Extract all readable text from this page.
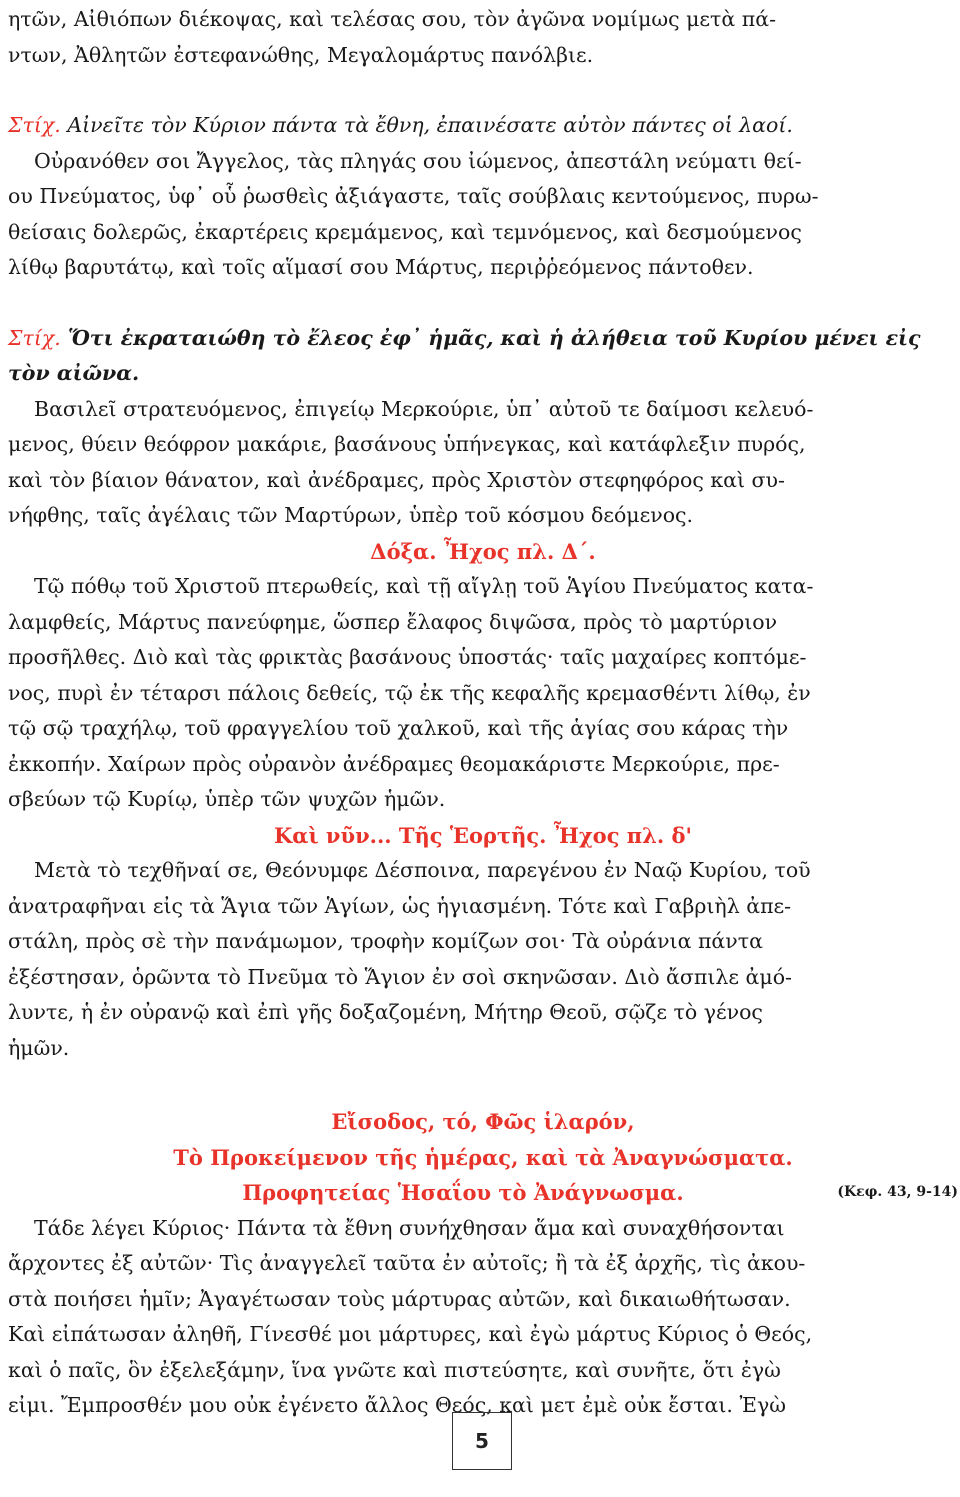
ητῶν, Αἰθιόπων διέκοψας, καὶ τελέσας σου, τὸν ἀγῶνα νομίμως μετὰ πά-
ντων, Ἀθλητῶν ἐστεφανώθης, Μεγαλομάρτυς πανόλβιε.

Στίχ. Αἰνεῖτε τὸν Κύριον πάντα τὰ ἔθνη, ἐπαινέσατε αὐτὸν πάντες οἱ λαοί.

Οὐρανόθεν σοι Ἄγγελος, τὰς πληγάς σου ἰώμενος, ἀπεστάλη νεύματι θεί-
ου Πνεύματος, ὑφ᾽ οὗ ῥωσθεὶς ἀξιάγαστε, ταῖς σούβλαις κεντούμενος, πυρω-
θείσαις δολερῶς, ἐκαρτέρεις κρεμάμενος, καὶ τεμνόμενος, καὶ δεσμούμενος
λίθῳ βαρυτάτῳ, καὶ τοῖς αἵμασί σου Μάρτυς, περιῤῥεόμενος πάντοθεν.

Στίχ. Ὅτι ἐκραταιώθη τὸ ἔλεος ἐφ᾽ ἡμᾶς, καὶ ἡ ἀλήθεια τοῦ Κυρίου μένει εἰς
τὸν αἰῶνα.

Βασιλεῖ στρατευόμενος, ἐπιγείῳ Μερκούριε, ὑπ᾽ αὐτοῦ τε δαίμοσι κελευό-
μενος, θύειν θεόφρον μακάριε, βασάνους ὑπήνεγκας, καὶ κατάφλεξιν πυρός,
καὶ τὸν βίαιον θάνατον, καὶ ἀνέδραμες, πρὸς Χριστὸν στεφηφόρος καὶ συ-
νήφθης, ταῖς ἀγέλαις τῶν Μαρτύρων, ὑπὲρ τοῦ κόσμου δεόμενος.

Δόξα. Ἦχος πλ. Δ΄.

Τῷ πόθῳ τοῦ Χριστοῦ πτερωθείς, καὶ τῇ αἴγλῃ τοῦ Ἁγίου Πνεύματος κατα-
λαμφθείς, Μάρτυς πανεύφημε, ὥσπερ ἔλαφος διψῶσα, πρὸς τὸ μαρτύριον
προσῆλθες. Διὸ καὶ τὰς φρικτὰς βασάνους ὑποστάς· ταῖς μαχαίρες κοπτόμε-
νος, πυρὶ ἐν τέταρσι πάλοις δεθείς, τῷ ἐκ τῆς κεφαλῆς κρεμασθέντι λίθῳ, ἐν
τῷ σῷ τραχήλῳ, τοῦ φραγγελίου τοῦ χαλκοῦ, καὶ τῆς ἁγίας σου κάρας τὴν
ἐκκοπήν. Χαίρων πρὸς οὐρανὸν ἀνέδραμες θεομακάριστε Μερκούριε, πρε-
σβεύων τῷ Κυρίῳ, ὑπὲρ τῶν ψυχῶν ἡμῶν.

Καὶ νῦν... Τῆς Ἑορτῆς. Ἦχος πλ. δ'

Μετὰ τὸ τεχθῆναί σε, Θεόνυμφε Δέσποινα, παρεγένου ἐν Ναῷ Κυρίου, τοῦ
ἀνατραφῆναι εἰς τὰ Ἅγια τῶν Ἁγίων, ὡς ἡγιασμένη. Τότε καὶ Γαβριὴλ ἀπε-
στάλη, πρὸς σὲ τὴν πανάμωμον, τροφὴν κομίζων σοι· Τὰ οὐράνια πάντα
ἐξέστησαν, ὁρῶντα τὸ Πνεῦμα τὸ Ἅγιον ἐν σοὶ σκηνῶσαν. Διὸ ἄσπιλε ἀμό-
λυντε, ἡ ἐν οὐρανῷ καὶ ἐπὶ γῆς δοξαζομένη, Μήτηρ Θεοῦ, σῷζε τὸ γένος
ἡμῶν.

Εἴσοδος, τό, Φῶς ἱλαρόν,

Τὸ Προκείμενον τῆς ἡμέρας, καὶ τὰ Ἀναγνώσματα.

Προφητείας Ἡσαΐου τὸ Ἀνάγνωσμα.	(Κεφ. 43, 9-14)

Τάδε λέγει Κύριος· Πάντα τὰ ἔθνη συνήχθησαν ἅμα καὶ συναχθήσονται
ἄρχοντες ἐξ αὐτῶν· Τὶς ἀναγγελεῖ ταῦτα ἐν αὐτοῖς; ἢ τὰ ἐξ ἀρχῆς, τὶς ἀκου-
στὰ ποιήσει ἡμῖν; Ἀγαγέτωσαν τοὺς μάρτυρας αὐτῶν, καὶ δικαιωθήτωσαν.
Καὶ εἰπάτωσαν ἀληθῆ, Γίνεσθέ μοι μάρτυρες, καὶ ἐγὼ μάρτυς Κύριος ὁ Θεός,
καὶ ὁ παῖς, ὃν ἐξελεξάμην, ἵνα γνῶτε καὶ πιστεύσητε, καὶ συνῆτε, ὅτι ἐγὼ
εἰμι. Ἔμπροσθέν μου οὐκ ἐγένετο ἄλλος Θεός, καὶ μετ ἐμὲ οὐκ ἔσται. Ἐγὼ

5
